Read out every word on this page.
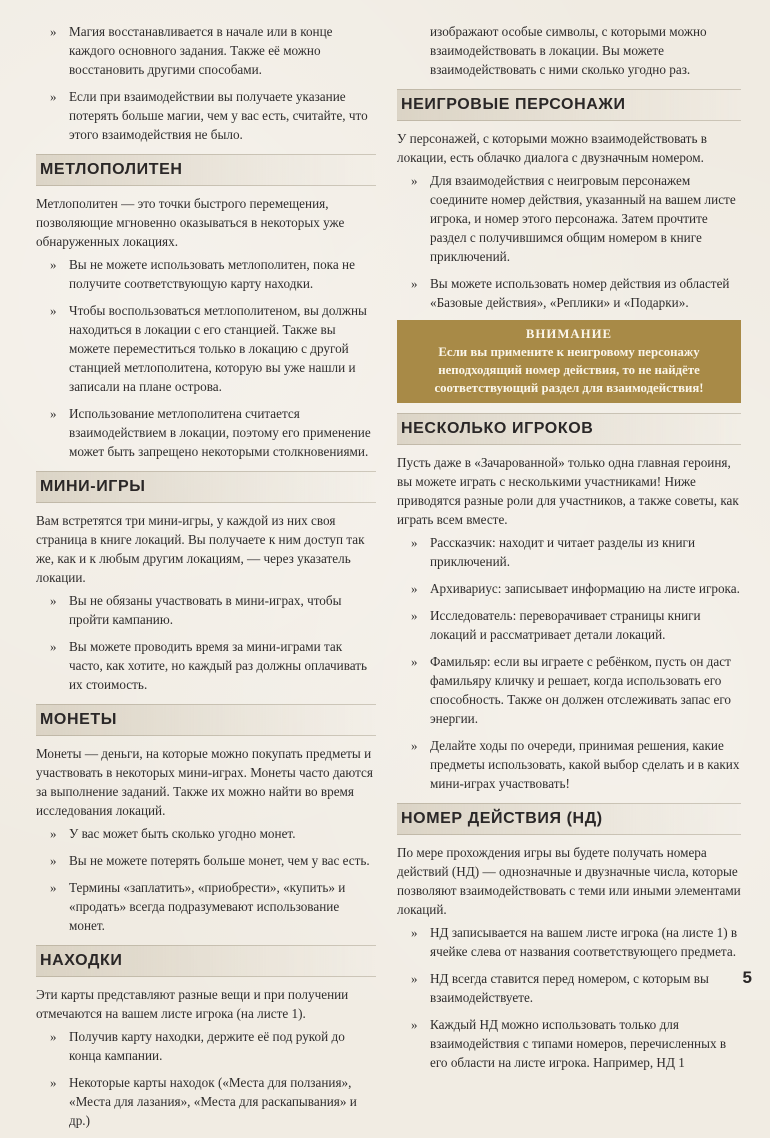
» Магия восстанавливается в начале или в конце каждого основного задания. Также её можно восстановить другими способами.
» Если при взаимодействии вы получаете указание потерять больше магии, чем у вас есть, считайте, что этого взаимодействия не было.
МЕТЛОПОЛИТЕН

Метлополитен — это точки быстрого перемещения, позволяющие мгновенно оказываться в некоторых уже обнаруженных локациях.

» Вы не можете использовать метлополитен, пока не получите соответствующую карту находки.
» Чтобы воспользоваться метлополитеном, вы должны находиться в локации с его станцией. Также вы можете переместиться только в локацию с другой станцией метлополитена, которую вы уже нашли и записали на плане острова.
» Использование метлополитена считается взаимодействием в локации, поэтому его применение может быть запрещено некоторыми столкновениями.
МИНИ-ИГРЫ

Вам встретятся три мини-игры, у каждой из них своя страница в книге локаций. Вы получаете к ним доступ так же, как и к любым другим локациям, — через указатель локации.

» Вы не обязаны участвовать в мини-играх, чтобы пройти кампанию.
» Вы можете проводить время за мини-играми так часто, как хотите, но каждый раз должны оплачивать их стоимость.
МОНЕТЫ

Монеты — деньги, на которые можно покупать предметы и участвовать в некоторых мини-играх. Монеты часто даются за выполнение заданий. Также их можно найти во время исследования локаций.

» У вас может быть сколько угодно монет.
» Вы не можете потерять больше монет, чем у вас есть.
» Термины «заплатить», «приобрести», «купить» и «продать» всегда подразумевают использование монет.
НАХОДКИ

Эти карты представляют разные вещи и при получении отмечаются на вашем листе игрока (на листе 1).

» Получив карту находки, держите её под рукой до конца кампании.
» Некоторые карты находок («Места для ползания», «Места для лазания», «Места для раскапывания» и др.)

изображают особые символы, с которыми можно взаимодействовать в локации. Вы можете взаимодействовать с ними сколько угодно раз.

НЕИГРОВЫЕ ПЕРСОНАЖИ

У персонажей, с которыми можно взаимодействовать в локации, есть облачко диалога с двузначным номером.

» Для взаимодействия с неигровым персонажем соедините номер действия, указанный на вашем листе игрока, и номер этого персонажа. Затем прочтите раздел с получившимся общим номером в книге приключений.
» Вы можете использовать номер действия из областей «Базовые действия», «Реплики» и «Подарки».
ВНИМАНИЕ
Если вы примените к неигровому персонажу неподходящий номер действия, то не найдёте соответствующий раздел для взаимодействия!
НЕСКОЛЬКО ИГРОКОВ

Пусть даже в «Зачарованной» только одна главная героиня, вы можете играть с несколькими участниками! Ниже приводятся разные роли для участников, а также советы, как играть всем вместе.

» Рассказчик: находит и читает разделы из книги приключений.
» Архивариус: записывает информацию на листе игрока.
» Исследователь: переворачивает страницы книги локаций и рассматривает детали локаций.
» Фамильяр: если вы играете с ребёнком, пусть он даст фамильяру кличку и решает, когда использовать его способность. Также он должен отслеживать запас его энергии.
» Делайте ходы по очереди, принимая решения, какие предметы использовать, какой выбор сделать и в каких мини-играх участвовать!
НОМЕР ДЕЙСТВИЯ (НД)

По мере прохождения игры вы будете получать номера действий (НД) — однозначные и двузначные числа, которые позволяют взаимодействовать с теми или иными элементами локаций.

» НД записывается на вашем листе игрока (на листе 1) в ячейке слева от названия соответствующего предмета.
» НД всегда ставится перед номером, с которым вы взаимодействуете.
» Каждый НД можно использовать только для взаимодействия с типами номеров, перечисленных в его области на листе игрока. Например, НД 1
5
